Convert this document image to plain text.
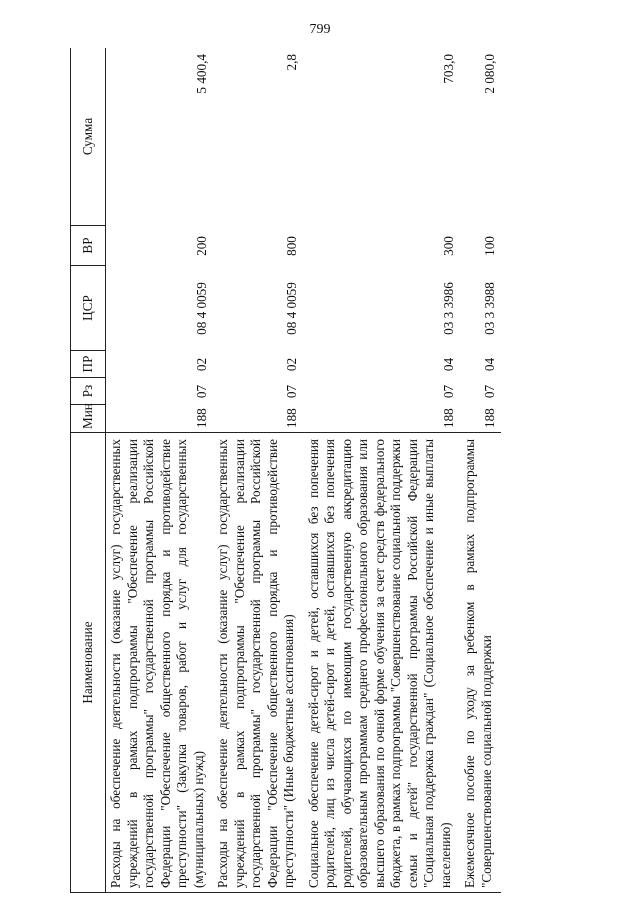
799
Наименование	Мин	Рз	ПР	ЦСР	ВР	Сумма
Расходы на обеспечение деятельности (оказание услуг) государственных учреждений в рамках подпрограммы "Обеспечение реализации государственной программы" государственной программы Российской Федерации "Обеспечение общественного порядка и противодействие преступности" (Закупка товаров, работ и услуг для государственных (муниципальных) нужд)	188	07	02	08 4 0059	200	5 400,4
Расходы на обеспечение деятельности (оказание услуг) государственных учреждений в рамках подпрограммы "Обеспечение реализации государственной программы" государственной программы Российской Федерации "Обеспечение общественного порядка и противодействие преступности" (Иные бюджетные ассигнования)	188	07	02	08 4 0059	800	2,8
Социальное обеспечение детей-сирот и детей, оставшихся без попечения родителей, лиц из числа детей-сирот и детей, оставшихся без попечения родителей, обучающихся по имеющим государственную аккредитацию образовательным программам среднего профессионального образования или высшего образования по очной форме обучения за счет средств федерального бюджета, в рамках подпрограммы "Совершенствование социальной поддержки семьи и детей" государственной программы Российской Федерации "Социальная поддержка граждан" (Социальное обеспечение и иные выплаты населению)	188	07	04	03 3 3986	300	703,0
Ежемесячное пособие по уходу за ребенком в рамках подпрограммы "Совершенствование социальной поддержки	188	07	04	03 3 3988	100	2 080,0
